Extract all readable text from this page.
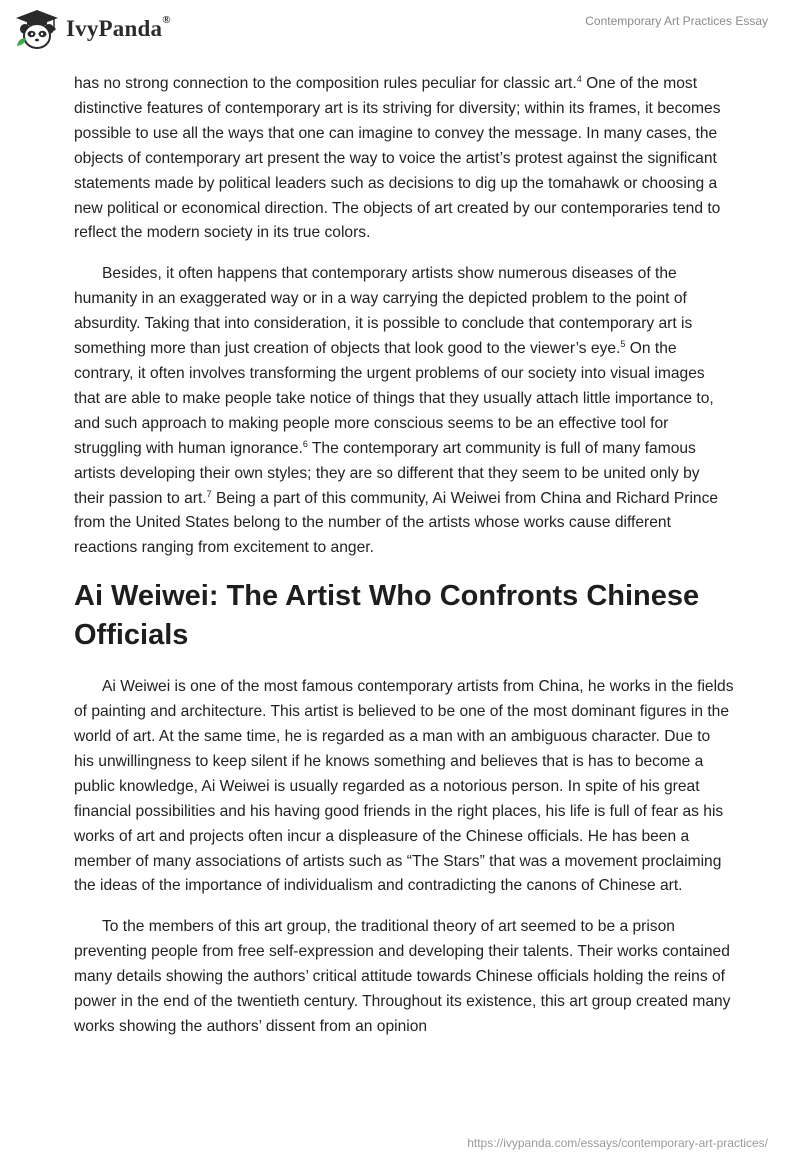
IvyPanda®	Contemporary Art Practices Essay

has no strong connection to the composition rules peculiar for classic art.$^4$ One of the most distinctive features of contemporary art is its striving for diversity; within its frames, it becomes possible to use all the ways that one can imagine to convey the message. In many cases, the objects of contemporary art present the way to voice the artist’s protest against the significant statements made by political leaders such as decisions to dig up the tomahawk or choosing a new political or economical direction. The objects of art created by our contemporaries tend to reflect the modern society in its true colors.

Besides, it often happens that contemporary artists show numerous diseases of the humanity in an exaggerated way or in a way carrying the depicted problem to the point of absurdity. Taking that into consideration, it is possible to conclude that contemporary art is something more than just creation of objects that look good to the viewer’s eye.$^5$ On the contrary, it often involves transforming the urgent problems of our society into visual images that are able to make people take notice of things that they usually attach little importance to, and such approach to making people more conscious seems to be an effective tool for struggling with human ignorance.$^6$ The contemporary art community is full of many famous artists developing their own styles; they are so different that they seem to be united only by their passion to art.$^7$ Being a part of this community, Ai Weiwei from China and Richard Prince from the United States belong to the number of the artists whose works cause different reactions ranging from excitement to anger.

Ai Weiwei: The Artist Who Confronts Chinese Officials

Ai Weiwei is one of the most famous contemporary artists from China, he works in the fields of painting and architecture. This artist is believed to be one of the most dominant figures in the world of art. At the same time, he is regarded as a man with an ambiguous character. Due to his unwillingness to keep silent if he knows something and believes that is has to become a public knowledge, Ai Weiwei is usually regarded as a notorious person. In spite of his great financial possibilities and his having good friends in the right places, his life is full of fear as his works of art and projects often incur a displeasure of the Chinese officials. He has been a member of many associations of artists such as “The Stars” that was a movement proclaiming the ideas of the importance of individualism and contradicting the canons of Chinese art.

To the members of this art group, the traditional theory of art seemed to be a prison preventing people from free self-expression and developing their talents. Their works contained many details showing the authors’ critical attitude towards Chinese officials holding the reins of power in the end of the twentieth century. Throughout its existence, this art group created many works showing the authors’ dissent from an opinion

https://ivypanda.com/essays/contemporary-art-practices/
